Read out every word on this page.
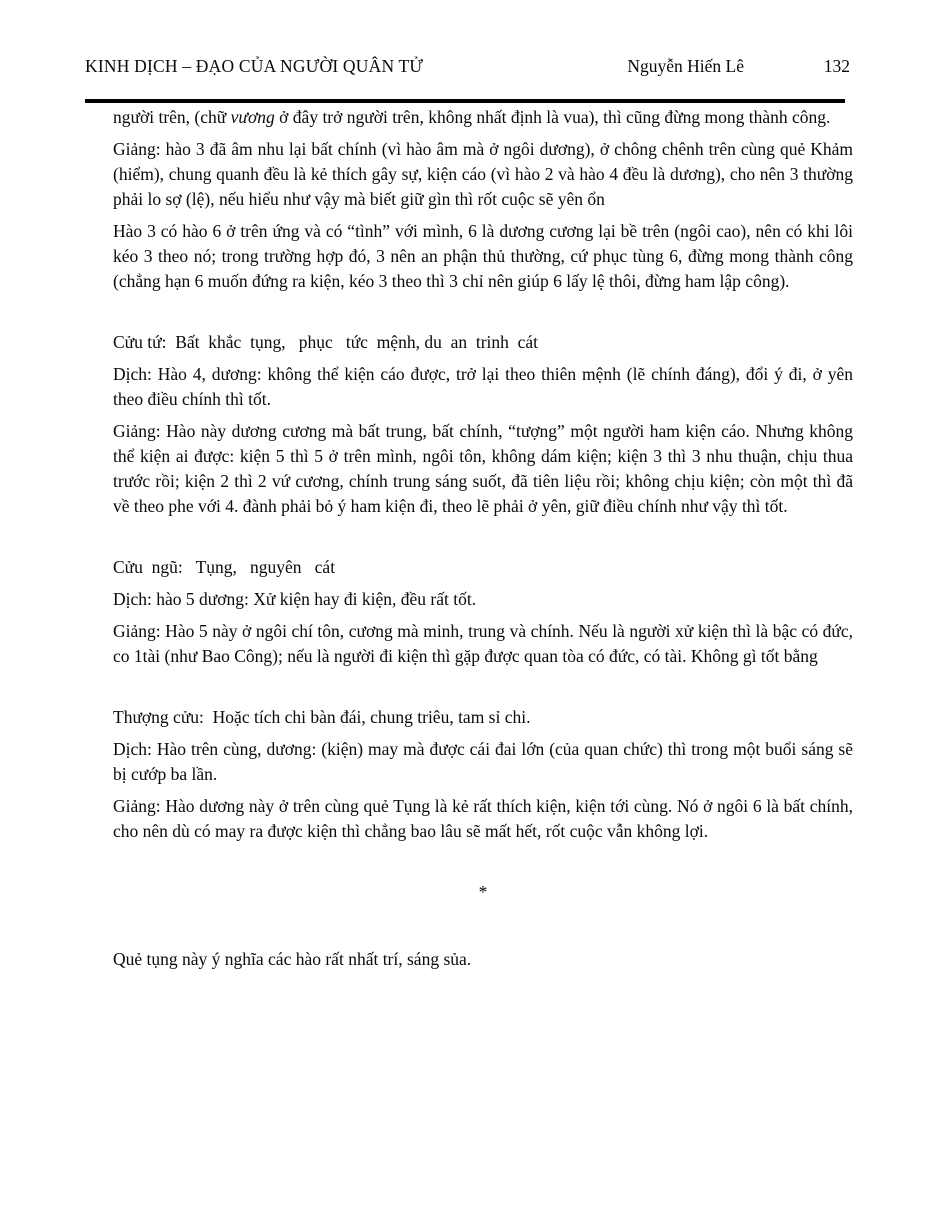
KINH DỊCH – ĐẠO CỦA NGƯỜI QUÂN TỬ	Nguyễn Hiến Lê	132

người trên, (chữ vương ở đây trở người trên, không nhất định là vua), thì cũng đừng mong thành công.

Giảng: hào 3 đã âm nhu lại bất chính (vì hào âm mà ở ngôi dương), ở chông chênh trên cùng quẻ Khảm (hiểm), chung quanh đều là kẻ thích gây sự, kiện cáo (vì hào 2 và hào 4 đều là dương), cho nên 3 thường phải lo sợ (lệ), nếu hiểu như vậy mà biết giữ gìn thì rốt cuộc sẽ yên ổn

Hào 3 có hào 6 ở trên ứng và có “tình” với mình, 6 là dương cương lại bề trên (ngôi cao), nên có khi lôi kéo 3 theo nó; trong trường hợp đó, 3 nên an phận thủ thường, cứ phục tùng 6, đừng mong thành công (chẳng hạn 6 muốn đứng ra kiện, kéo 3 theo thì 3 chỉ nên giúp 6 lấy lệ thôi, đừng ham lập công).

Cửu tứ:  Bất  khắc  tụng,   phục   tức  mệnh, du  an  trinh  cát

Dịch: Hào 4, dương: không thể kiện cáo được, trở lại theo thiên mệnh (lẽ chính đáng), đổi ý đi, ở yên theo điều chính thì tốt.

Giảng: Hào này dương cương mà bất trung, bất chính, “tượng” một người ham kiện cáo. Nhưng không thể kiện ai được: kiện 5 thì 5 ở trên mình, ngôi tôn, không dám kiện; kiện 3 thì 3 nhu thuận, chịu thua trước rồi; kiện 2 thì 2 vứ cương, chính trung sáng suốt, đã tiên liệu rồi; không chịu kiện; còn một thì đã về theo phe với 4. đành phải bỏ ý ham kiện đi, theo lẽ phải ở yên, giữ điều chính như vậy thì tốt.

Cửu  ngũ:   Tụng,   nguyên   cát

Dịch: hào 5 dương: Xử kiện hay đi kiện, đều rất tốt.

Giảng: Hào 5 này ở ngôi chí tôn, cương mà minh, trung và chính. Nếu là người xử kiện thì là bậc có đức, co 1tài (như Bao Công); nếu là người đi kiện thì gặp được quan tòa có đức, có tài. Không gì tốt bằng

Thượng cửu:  Hoặc tích chi bàn đái, chung triêu, tam sỉ chi.

Dịch: Hào trên cùng, dương: (kiện) may mà được cái đai lớn (của quan chức) thì trong một buổi sáng sẽ bị cướp ba lần.

Giảng: Hào dương này ở trên cùng quẻ Tụng là kẻ rất thích kiện, kiện tới cùng. Nó ở ngôi 6 là bất chính, cho nên dù có may ra được kiện thì chẳng bao lâu sẽ mất hết, rốt cuộc vẫn không lợi.

*

Quẻ tụng này ý nghĩa các hào rất nhất trí, sáng sủa.
